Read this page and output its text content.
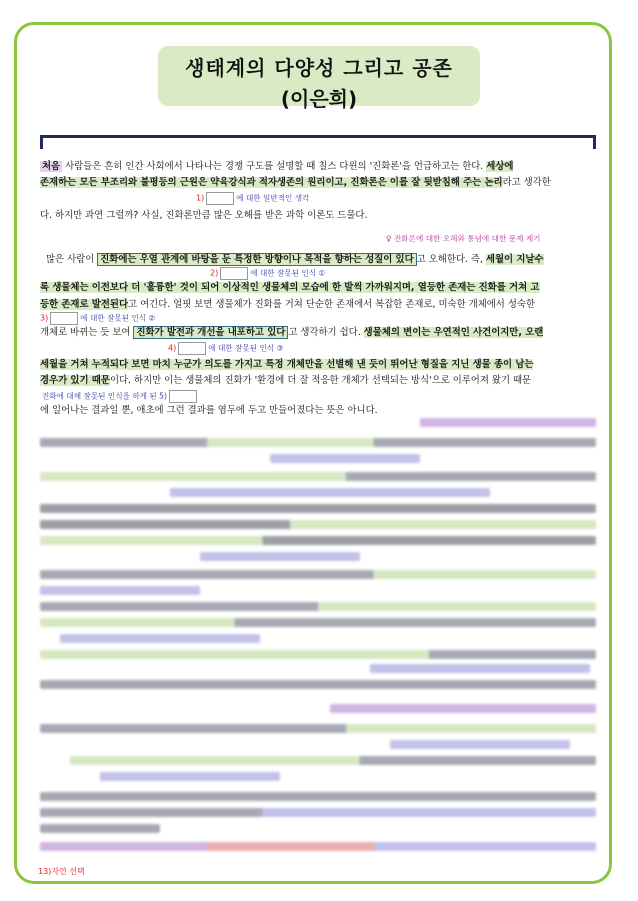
생태계의 다양성 그리고 공존
(이은희)
처음 사람들은 흔히 인간 사회에서 나타나는 경쟁 구도를 설명할 때 칠스 다윈의 '진화론'을 언급하고는 한다. 세상에
존재하는 모든 부조리와 불평등의 근원은 약육강식과 적자생존의 원리이고, 진화론은 이를 잘 뒷받침해 주는 논리라고 생각한
1)	에 대한 일반적인 생각
다. 하지만 과연 그럴까? 사실, 진화론만큼 많은 오해를 받은 과학 이론도 드물다.
♀ 진화론에 대한 오해와 통념에 대한 문제 제기
많은 사람이 진화에는 우열 관계에 바탕을 둔 특정한 방향이나 목적을 향하는 성질이 있다 고 오해한다. 즉, 세월이 지날수
2)	에 대한 잘못된 인식 ①
록 생물체는 이전보다 더 '훌륭한' 것이 되어 이상적인 생물체의 모습에 한 발씩 가까워지며, 열등한 존재는 진화를 거쳐 고
등한 존재로 발전된다고 여긴다. 얼핏 보면 생물체가 진화를 거쳐 단순한 존재에서 복잡한 존재로, 미숙한 개체에서 성숙한
3)	에 대한 잘못된 인식 ②
개체로 바뀌는 듯 보여 진화가 발전과 개선을 내포하고 있다 고 생각하기 쉽다. 생물체의 변이는 우연적인 사건이지만, 오랜
4)	에 대한 잘못된 인식 ③
세월을 거쳐 누적되다 보면 마치 누군가 의도를 가지고 특정 개체만을 선별해 낸 듯이 뛰어난 형질을 지닌 생물 종이 남는
경우가 있기 때문이다. 하지만 이는 생물체의 진화가 '환경에 더 잘 적응한 개체가 선택되는 방식'으로 이루어져 왔기 때문
진화에 대해 잘못된 인식을 하게 된 5)
에 일어나는 결과일 뿐, 애초에 그런 결과를 염두에 두고 만들어졌다는 뜻은 아니다.
13)자연 선택
